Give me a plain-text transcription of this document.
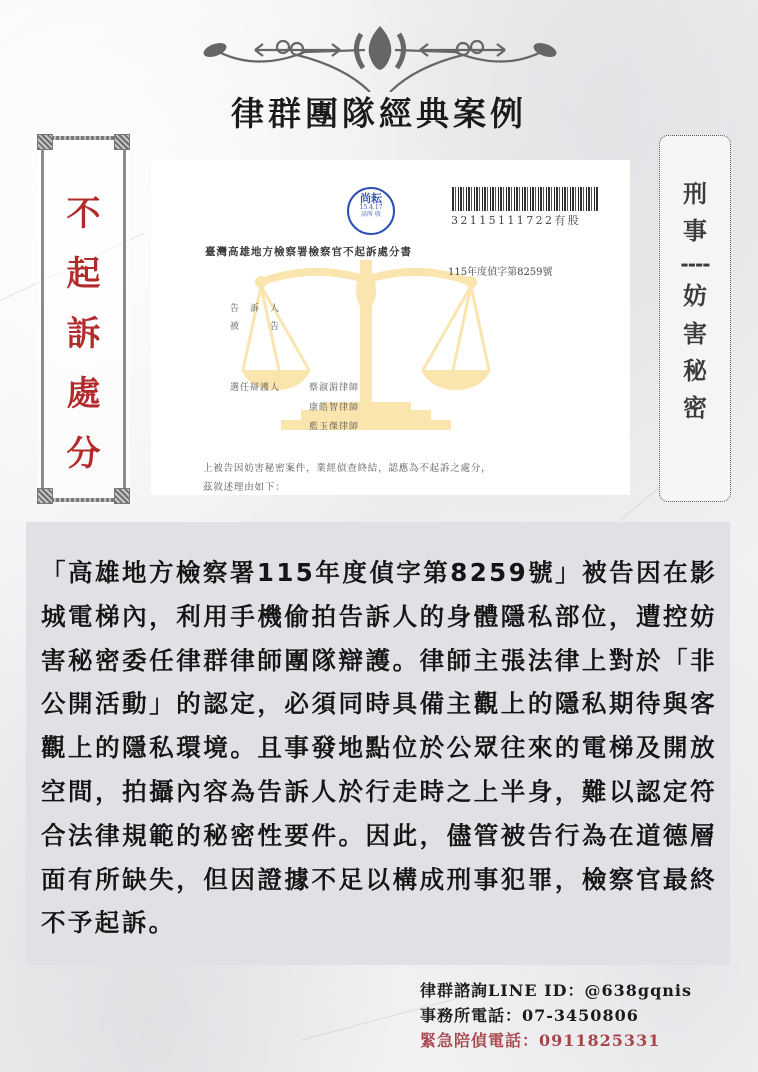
律群團隊經典案例
不
起
訴
處
分
尚耘
15.4.17
高所 收	32115111722有股
臺灣高雄地方檢察署檢察官不起訴處分書
115年度偵字第8259號
告　訴　人
被　　　告
選任辯護人	蔡淑湄律師
康皓智律師
藍玉傑律師
上被告因妨害秘密案件，業經偵查終結，認應為不起訴之處分，
茲敘述理由如下：
刑
事
----
妨
害
秘
密

「高雄地方檢察署115年度偵字第8259號」被告因在影城電梯內，利用手機偷拍告訴人的身體隱私部位，遭控妨害秘密委任律群律師團隊辯護。律師主張法律上對於「非公開活動」的認定，必須同時具備主觀上的隱私期待與客觀上的隱私環境。且事發地點位於公眾往來的電梯及開放空間，拍攝內容為告訴人於行走時之上半身，難以認定符合法律規範的秘密性要件。因此，儘管被告行為在道德層面有所缺失，但因證據不足以構成刑事犯罪，檢察官最終不予起訴。

律群諮詢LINE ID：@638gqnis
事務所電話：07-3450806
緊急陪偵電話：0911825331
